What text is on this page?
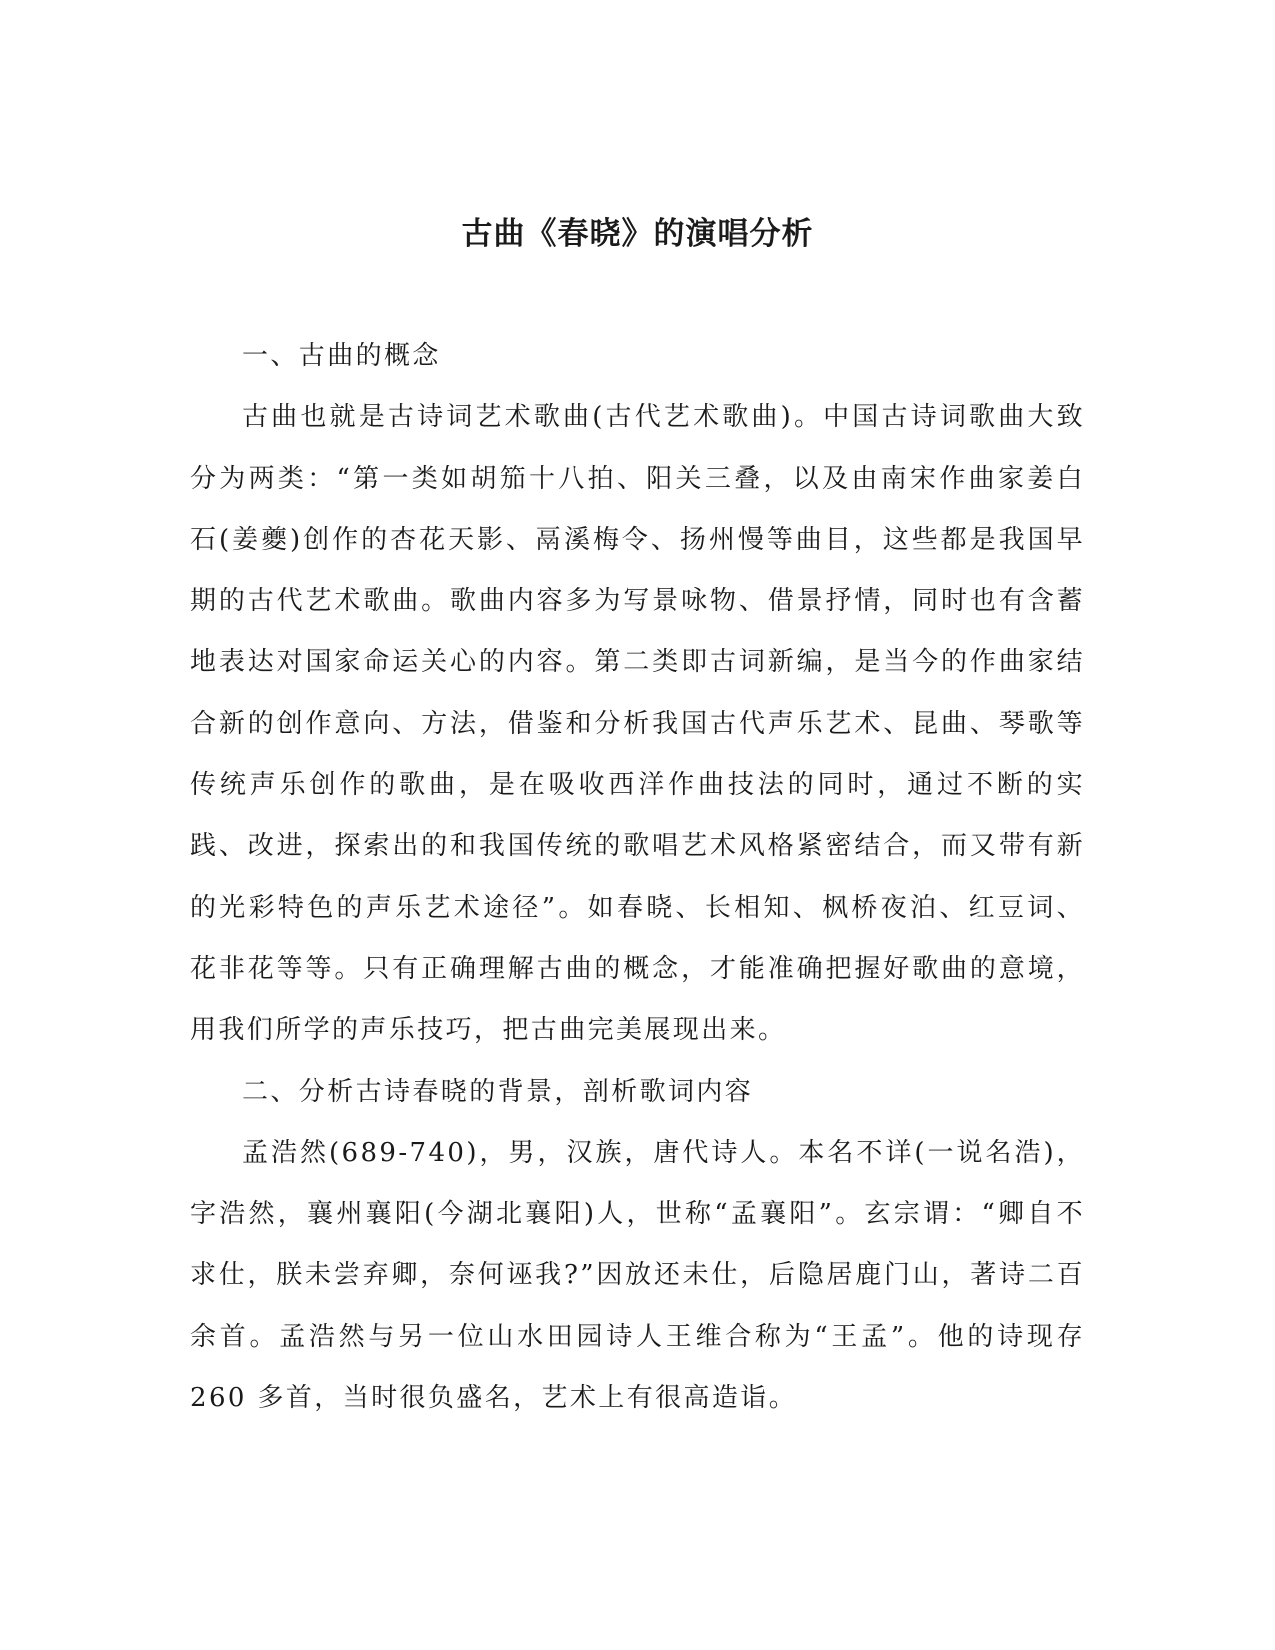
古曲《春晓》的演唱分析

一、古曲的概念

古曲也就是古诗词艺术歌曲(古代艺术歌曲)。中国古诗词歌曲大致分为两类：“第一类如胡笳十八拍、阳关三叠，以及由南宋作曲家姜白石(姜夔)创作的杏花天影、鬲溪梅令、扬州慢等曲目，这些都是我国早期的古代艺术歌曲。歌曲内容多为写景咏物、借景抒情，同时也有含蓄地表达对国家命运关心的内容。第二类即古词新编，是当今的作曲家结合新的创作意向、方法，借鉴和分析我国古代声乐艺术、昆曲、琴歌等传统声乐创作的歌曲，是在吸收西洋作曲技法的同时，通过不断的实践、改进，探索出的和我国传统的歌唱艺术风格紧密结合，而又带有新的光彩特色的声乐艺术途径”。如春晓、长相知、枫桥夜泊、红豆词、花非花等等。只有正确理解古曲的概念，才能准确把握好歌曲的意境，用我们所学的声乐技巧，把古曲完美展现出来。

二、分析古诗春晓的背景，剖析歌词内容

孟浩然(689-740)，男，汉族，唐代诗人。本名不详(一说名浩)，字浩然，襄州襄阳(今湖北襄阳)人，世称“孟襄阳”。玄宗谓：“卿自不求仕，朕未尝弃卿，奈何诬我?”因放还未仕，后隐居鹿门山，著诗二百余首。孟浩然与另一位山水田园诗人王维合称为“王孟”。他的诗现存 260 多首，当时很负盛名，艺术上有很高造诣。
